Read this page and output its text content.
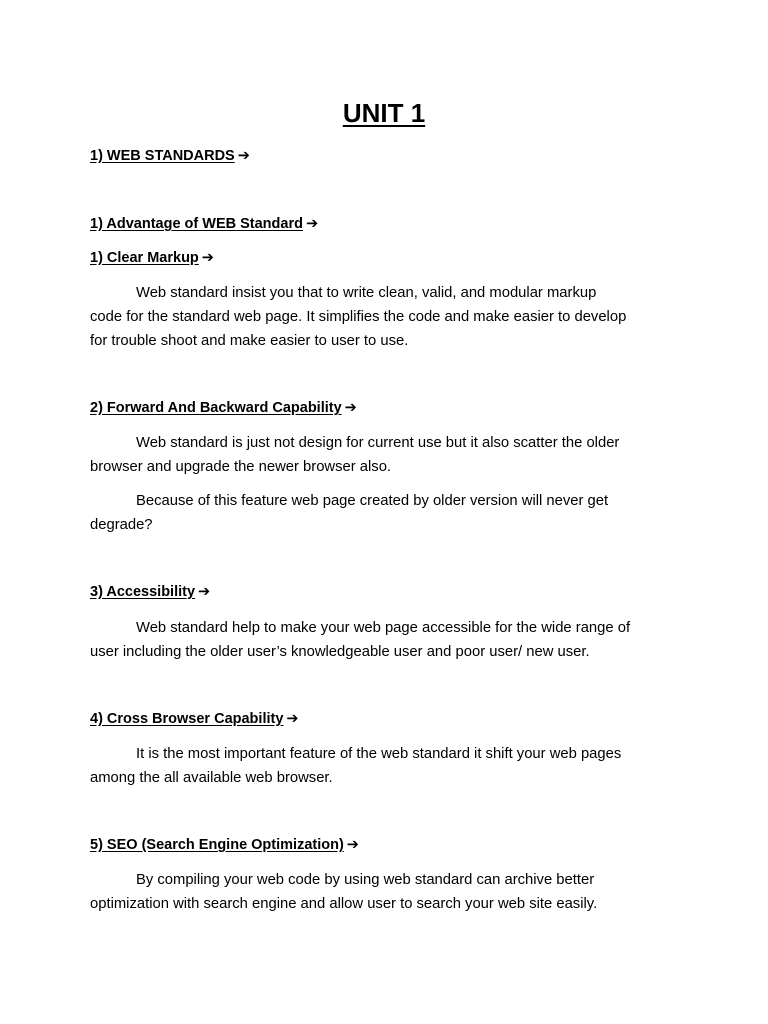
UNIT 1
1) WEB STANDARDS ➔
1) Advantage of WEB Standard ➔
1) Clear Markup ➔
Web standard insist you that to write clean, valid, and modular markup
code for the standard web page. It simplifies the code and make easier to develop
for trouble shoot and make easier to user to use.
2) Forward And Backward Capability ➔
Web standard is just not design for current use but it also scatter the older
browser and upgrade the newer browser also.
Because of this feature web page created by older version will never get
degrade?
3) Accessibility ➔
Web standard help to make your web page accessible for the wide range of
user including the older user’s knowledgeable user and poor user/ new user.
4) Cross Browser Capability ➔
It is the most important feature of the web standard it shift your web pages
among the all available web browser.
5) SEO (Search Engine Optimization) ➔
By compiling your web code by using web standard can archive better
optimization with search engine and allow user to search your web site easily.
